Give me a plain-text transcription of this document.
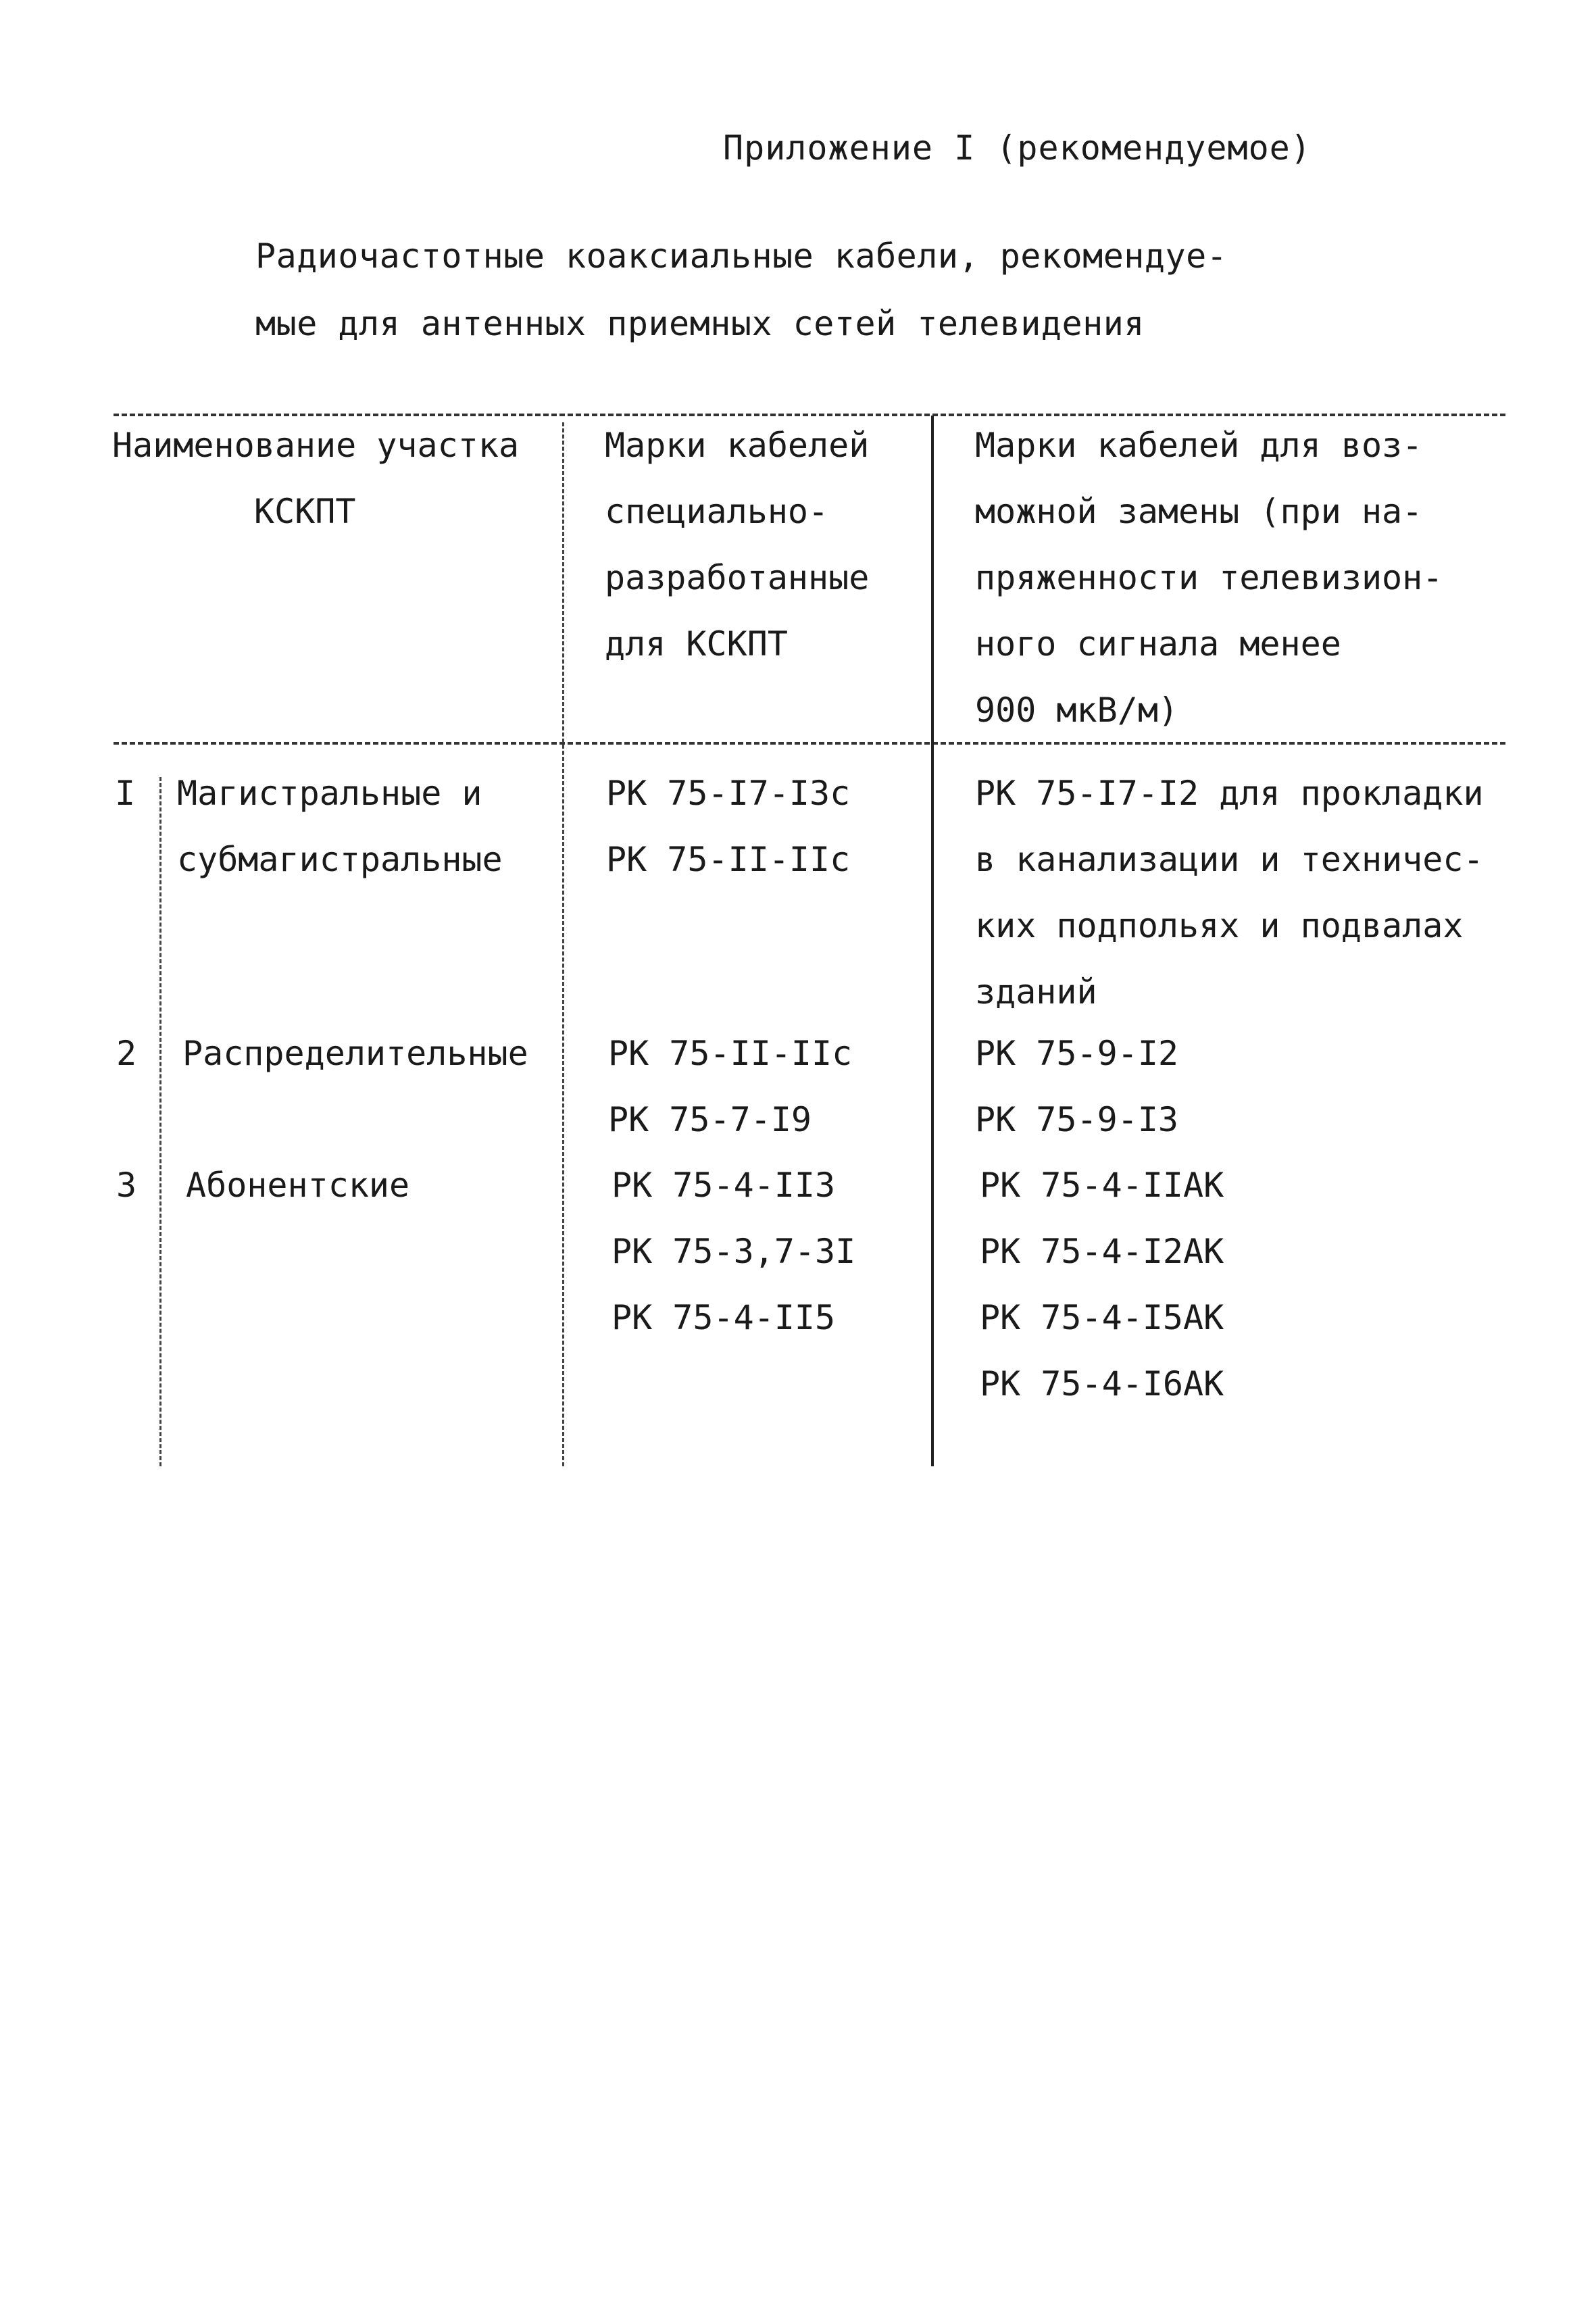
Приложение I (рекомендуемое)
Радиочастотные коаксиальные кабели, рекомендуе-
мые для антенных приемных сетей телевидения
Наименование участка
КСКПТ
Марки кабелей
специально-
разработанные
для КСКПТ
Марки кабелей для воз-
можной замены (при на-
пряженности телевизион-
ного сигнала менее
900 мкВ/м)
I Магистральные и
субмагистральные
РК 75-I7-I3с
РК 75-II-IIс
РК 75-I7-I2 для прокладки
в канализации и техничес-
ких подпольях и подвалах
зданий
2 Распределительные РК 75-II-IIс
РК 75-7-I9
РК 75-9-I2
РК 75-9-I3
3 Абонентские	РК 75-4-II3
РК 75-3,7-3I
РК 75-4-II5
РК 75-4-IIАК
РК 75-4-I2АК
РК 75-4-I5АК
РК 75-4-I6АК
